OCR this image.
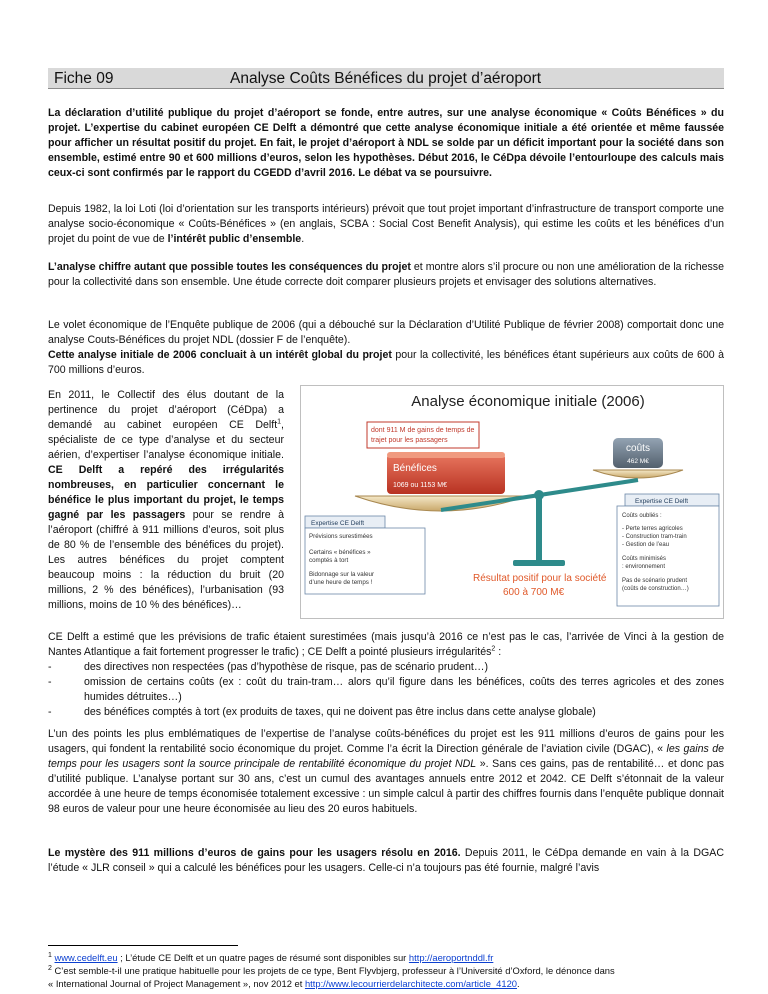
Fiche 09	Analyse Coûts Bénéfices du projet d’aéroport

La déclaration d’utilité publique du projet d’aéroport se fonde, entre autres, sur une analyse économique « Coûts Bénéfices » du projet. L’expertise du cabinet européen CE Delft a démontré que cette analyse économique initiale a été orientée et même faussée pour afficher un résultat positif du projet. En fait, le projet d’aéroport à NDL se solde par un déficit important pour la société dans son ensemble, estimé entre 90 et 600 millions d’euros, selon les hypothèses. Début 2016, le CéDpa dévoile l’entourloupe des calculs mais ceux-ci sont confirmés par le rapport du CGEDD d’avril 2016. Le débat va se poursuivre.

Depuis 1982, la loi Loti (loi d’orientation sur les transports intérieurs) prévoit que tout projet important d’infrastructure de transport comporte une analyse socio-économique « Coûts-Bénéfices » (en anglais, SCBA : Social Cost Benefit Analysis), qui estime les coûts et les bénéfices d’un projet du point de vue de l’intérêt public d’ensemble.

L’analyse chiffre autant que possible toutes les conséquences du projet et montre alors s’il procure ou non une amélioration de la richesse pour la collectivité dans son ensemble. Une étude correcte doit comparer plusieurs projets et envisager des solutions alternatives.

Le volet économique de l’Enquête publique de 2006 (qui a débouché sur la Déclaration d’Utilité Publique de février 2008) comportait donc une analyse Couts-Bénéfices du projet NDL (dossier F de l’enquête).
Cette analyse initiale de 2006 concluait à un intérêt global du projet pour la collectivité, les bénéfices étant supérieurs aux coûts de 600 à 700 millions d’euros.

En 2011, le Collectif des élus doutant de la pertinence du projet d’aéroport (CéDpa) a demandé au cabinet européen CE Delft$^1$, spécialiste de ce type d’analyse et du secteur aérien, d’expertiser l’analyse économique initiale. CE Delft a repéré des irrégularités nombreuses, en particulier concernant le bénéfice le plus important du projet, le temps gagné par les passagers pour se rendre à l’aéroport (chiffré à 911 millions d’euros, soit plus de 80 % de l’ensemble des bénéfices du projet). Les autres bénéfices du projet comptent beaucoup moins : la réduction du bruit (20 millions, 2 % des bénéfices), l’urbanisation (93 millions, moins de 10 % des bénéfices)…

Analyse économique initiale (2006)
dont 911 M de gains de temps de trajet pour les passagers
Bénéfices
1069 ou 1153 M€
coûts
462 M€
Expertise CE Delft
Prévisions surestimées Certains « bénéfices » comptés à tort Bidonnage sur la valeur d’une heure de temps !	Résultat positif pour la société
600 à 700 M€
Expertise CE Delft
Coûts oubliés : - Perte terres agricoles - Construction tram-train - Gestion de l’eau Coûts minimisés : environnement Pas de scénario prudent (coûts de construction…)

CE Delft a estimé que les prévisions de trafic étaient surestimées (mais jusqu’à 2016 ce n’est pas le cas, l’arrivée de Vinci à la gestion de Nantes Atlantique a fait fortement progresser le trafic) ; CE Delft a pointé plusieurs irrégularités$^2$ :

- des directives non respectées (pas d’hypothèse de risque, pas de scénario prudent…)
- omission de certains coûts (ex : coût du train-tram… alors qu’il figure dans les bénéfices, coûts des terres agricoles et des zones humides détruites…)
- des bénéfices comptés à tort (ex produits de taxes, qui ne doivent pas être inclus dans cette analyse globale)

L’un des points les plus emblématiques de l’expertise de l’analyse coûts-bénéfices du projet est les 911 millions d’euros de gains pour les usagers, qui fondent la rentabilité socio économique du projet. Comme l’a écrit la Direction générale de l’aviation civile (DGAC), « les gains de temps pour les usagers sont la source principale de rentabilité économique du projet NDL ». Sans ces gains, pas de rentabilité… et donc pas d’utilité publique. L’analyse portant sur 30 ans, c’est un cumul des avantages annuels entre 2012 et 2042. CE Delft s’étonnait de la valeur accordée à une heure de temps économisée totalement excessive : un simple calcul à partir des chiffres fournis dans l’enquête publique donnait 98 euros de valeur pour une heure économisée au lieu des 20 euros habituels.

Le mystère des 911 millions d’euros de gains pour les usagers résolu en 2016. Depuis 2011, le CéDpa demande en vain à la DGAC l’étude « JLR conseil » qui a calculé les bénéfices pour les usagers. Celle-ci n’a toujours pas été fournie, malgré l’avis

$^1$ www.cedelft.eu ; L’étude CE Delft et un quatre pages de résumé sont disponibles sur http://aeroportnddl.fr
$^2$ C’est semble-t-il une pratique habituelle pour les projets de ce type, Bent Flyvbjerg, professeur à l’Université d’Oxford, le dénonce dans
« International Journal of Project Management », nov 2012 et http://www.lecourrierdelarchitecte.com/article_4120.
